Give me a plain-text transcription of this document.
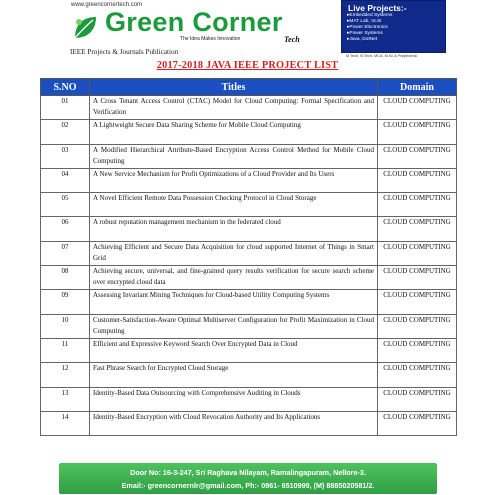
www.greencornertech.com
Green Corner
The Idea Makes Innovation	Tech
IEEE Projects & Journals Publication
Live Projects:-
▸ Embedded Systems
▸ MAT Lab, VLSI
▸ Power Electronics
▸ Power Systems
▸ Java, DotNet
M.Tech, B.Tech, MCA, M.Sc & Polytechnic
2017-2018 JAVA IEEE PROJECT LIST
S.NO	Titles	Domain
01	A Cross Tenant Access Control (CTAC) Model for Cloud Computing: Formal Specification and Verification	CLOUD COMPUTING
02	A Lightweight Secure Data Sharing Scheme for Mobile Cloud Computing	CLOUD COMPUTING
03	A Modified Hierarchical Attribute-Based Encryption Access Control Method for Mobile Cloud Computing	CLOUD COMPUTING
04	A New Service Mechanism for Profit Optimizations of a Cloud Provider and Its Users	CLOUD COMPUTING
05	A Novel Efficient Remote Data Possession Checking Protocol in Cloud Storage	CLOUD COMPUTING
06	A robust reputation management mechanism in the federated cloud	CLOUD COMPUTING
07	Achieving Efficient and Secure Data Acquisition for cloud supported Internet of Things in Smart Grid	CLOUD COMPUTING
08	Achieving secure, universal, and fine-grained query results verification for secure search scheme over encrypted cloud data	CLOUD COMPUTING
09	Assessing Invariant Mining Techniques for Cloud-based Utility Computing Systems	CLOUD COMPUTING
10	Customer-Satisfaction-Aware Optimal Multiserver Configuration for Profit Maximization in Cloud Computing	CLOUD COMPUTING
11	Efficient and Expressive Keyword Search Over Encrypted Data in Cloud	CLOUD COMPUTING
12	Fast Phrase Search for Encrypted Cloud Storage	CLOUD COMPUTING
13	Identity-Based Data Outsourcing with Comprehensive Auditing in Clouds	CLOUD COMPUTING
14	Identity-Based Encryption with Cloud Revocation Authority and Its Applications	CLOUD COMPUTING
Door No: 16-3-247, Sri Raghava Nilayam, Ramalingapuram, Nellore-3.
Email:- greencornernlr@gmail.com, Ph:- 0861- 6510999, (M) 8885020581/2.
